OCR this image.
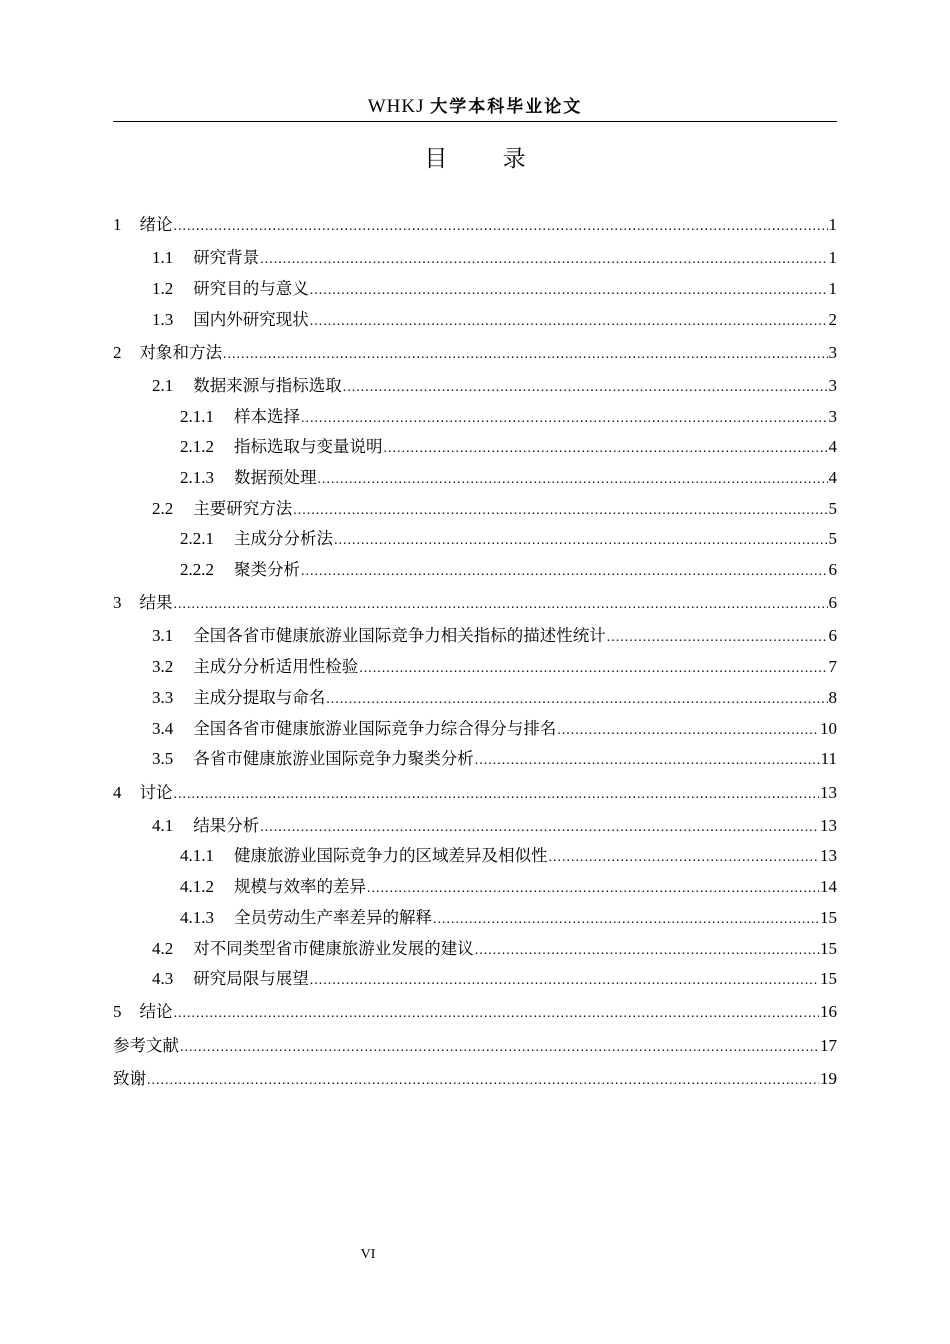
WHKJ 大学本科毕业论文
目 录
1 绪论 .....	1
1.1 研究背景 .....	1
1.2 研究目的与意义 .....	1
1.3 国内外研究现状 .....	2
2 对象和方法 .....	3
2.1 数据来源与指标选取 .....	3
2.1.1 样本选择 .....	3
2.1.2 指标选取与变量说明 .....	4
2.1.3 数据预处理 .....	4
2.2 主要研究方法 .....	5
2.2.1 主成分分析法 .....	5
2.2.2 聚类分析 .....	6
3 结果 .....	6
3.1 全国各省市健康旅游业国际竞争力相关指标的描述性统计 .....	6
3.2 主成分分析适用性检验 .....	7
3.3 主成分提取与命名 .....	8
3.4 全国各省市健康旅游业国际竞争力综合得分与排名 .....	10
3.5 各省市健康旅游业国际竞争力聚类分析 .....	11
4 讨论 .....	13
4.1 结果分析 .....	13
4.1.1 健康旅游业国际竞争力的区域差异及相似性 .....	13
4.1.2 规模与效率的差异 .....	14
4.1.3 全员劳动生产率差异的解释 .....	15
4.2 对不同类型省市健康旅游业发展的建议 .....	15
4.3 研究局限与展望 .....	15
5 结论 .....	16
参考文献 .....	17
致谢 .....	19
VI
